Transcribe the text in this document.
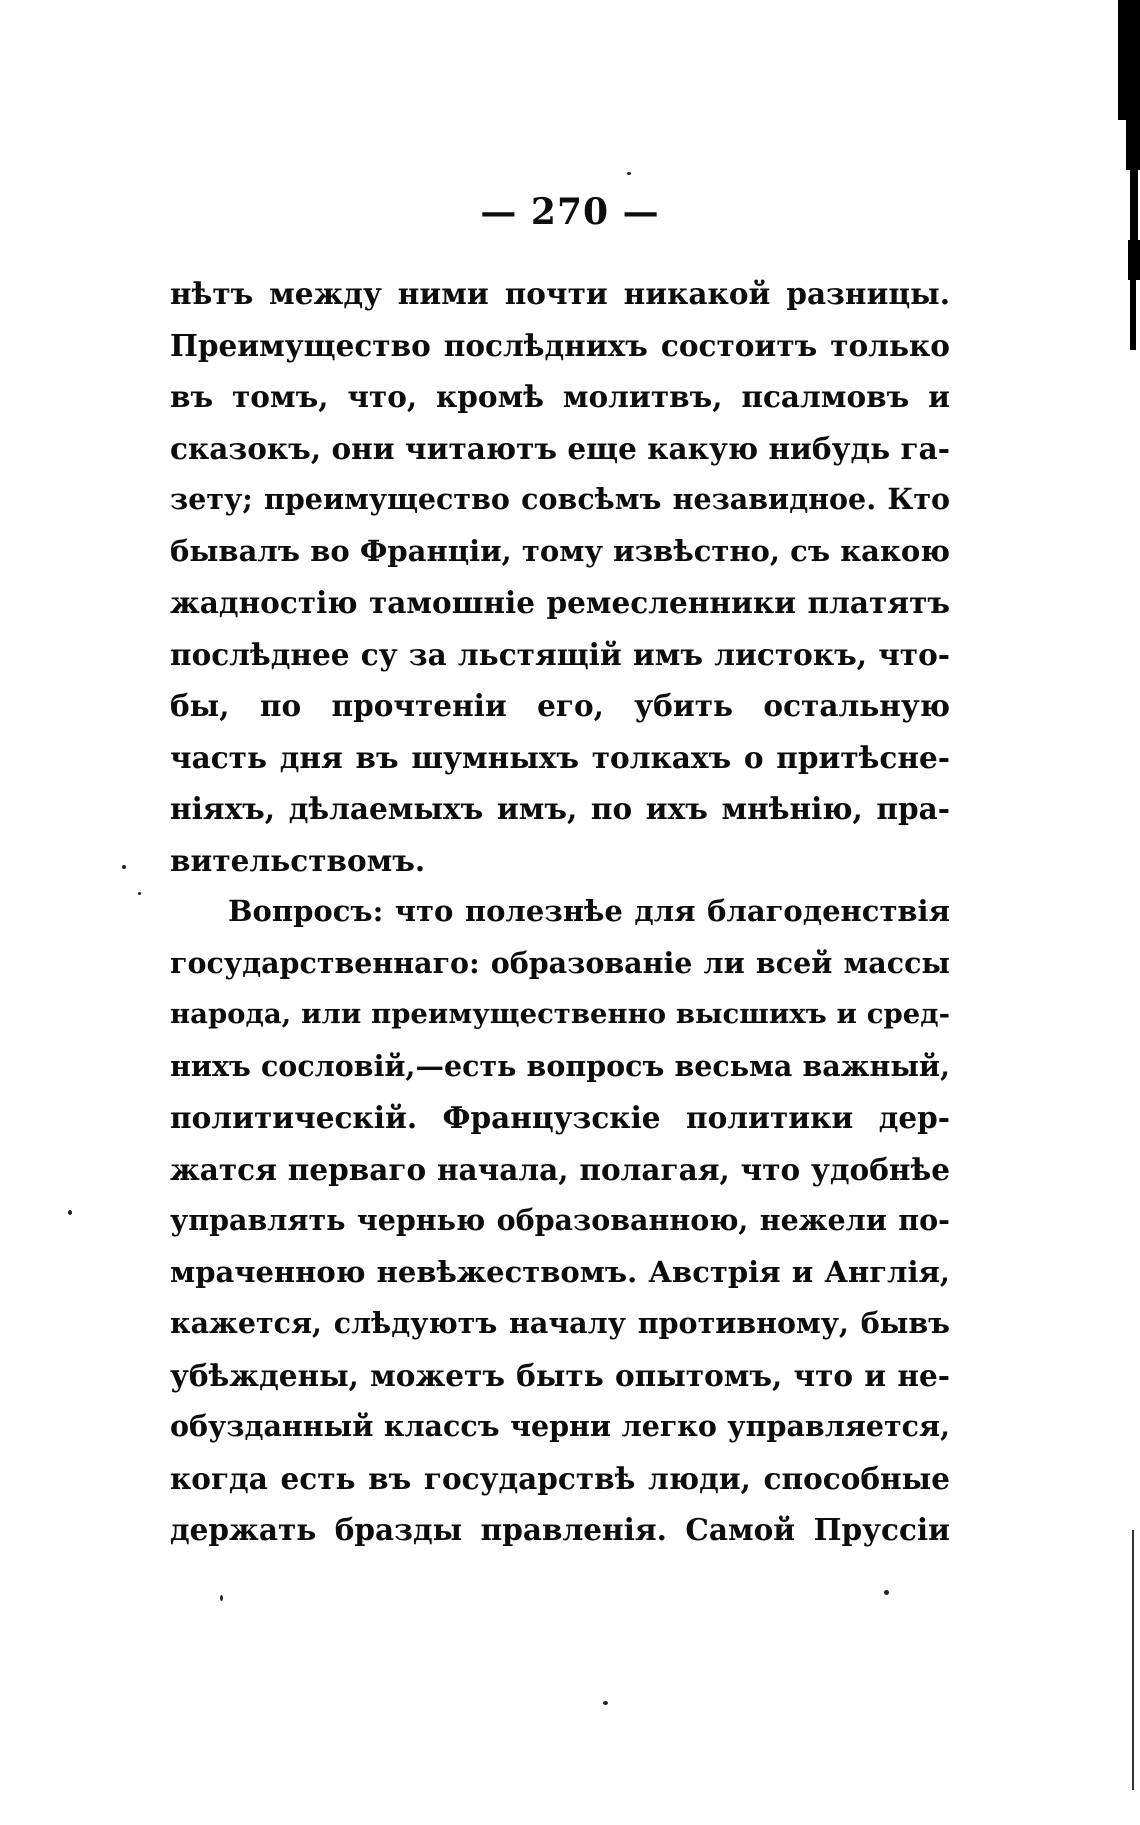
— 270 —
нѣтъ между ними почти никакой разницы.
Преимущество послѣднихъ состоитъ только
въ томъ, что, кромѣ молитвъ, псалмовъ и
сказокъ, они читаютъ еще какую нибудь га-
зету; преимущество совсѣмъ незавидное. Кто
бывалъ во Франціи, тому извѣстно, съ какою
жадностію тамошніе ремесленники платятъ
послѣднее су за льстящій имъ листокъ, что-
бы, по прочтеніи его, убить остальную
часть дня въ шумныхъ толкахъ о притѣсне-
ніяхъ, дѣлаемыхъ имъ, по ихъ мнѣнію, пра-
вительствомъ.
Вопросъ: что полезнѣе для благоденствія
государственнаго: образованіе ли всей массы
народа, или преимущественно высшихъ и сред-
нихъ сословій,—есть вопросъ весьма важный,
политическій. Французскіе политики дер-
жатся перваго начала, полагая, что удобнѣе
управлять чернью образованною, нежели по-
мраченною невѣжествомъ. Австрія и Англія,
кажется, слѣдуютъ началу противному, бывъ
убѣждены, можетъ быть опытомъ, что и не-
обузданный классъ черни легко управляется,
когда есть въ государствѣ люди, способные
держать бразды правленія. Самой Пруссіи
